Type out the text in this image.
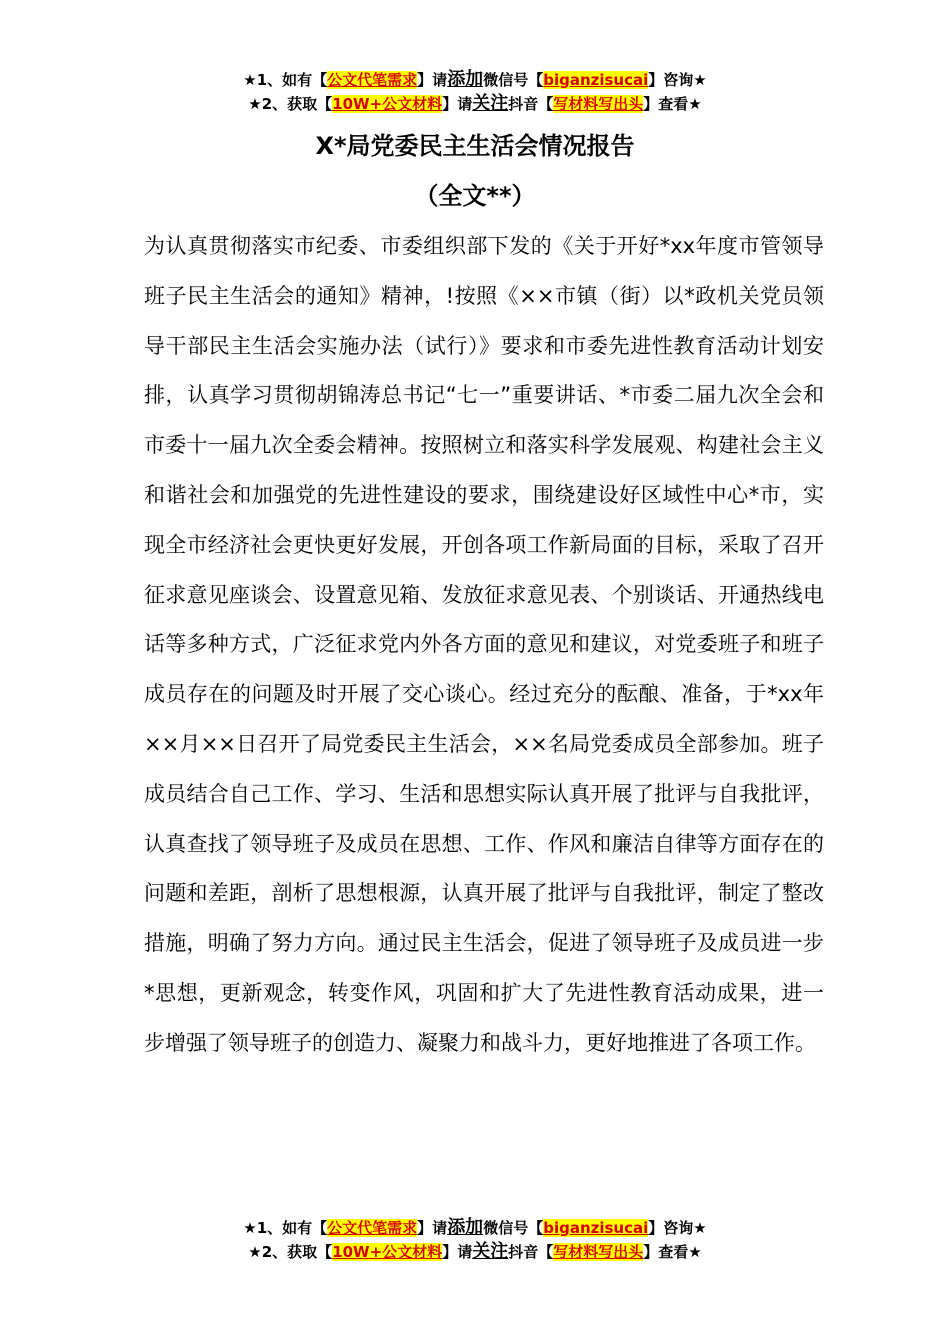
★1、如有【公文代笔需求】请添加微信号【biganzisucai】咨询★
★2、获取【10W+公文材料】请关注抖音【写材料写出头】查看★
X*局党委民主生活会情况报告
（全文**）
为认真贯彻落实市纪委、市委组织部下发的《关于开好*xx年度市管领导班子民主生活会的通知》精神，!按照《××市镇（街）以*政机关党员领导干部民主生活会实施办法（试行）》要求和市委先进性教育活动计划安排，认真学习贯彻胡锦涛总书记“七一”重要讲话、*市委二届九次全会和市委十一届九次全委会精神。按照树立和落实科学发展观、构建社会主义和谐社会和加强党的先进性建设的要求，围绕建设好区域性中心*市，实现全市经济社会更快更好发展，开创各项工作新局面的目标，采取了召开征求意见座谈会、设置意见箱、发放征求意见表、个别谈话、开通热线电话等多种方式，广泛征求党内外各方面的意见和建议，对党委班子和班子成员存在的问题及时开展了交心谈心。经过充分的酝酿、准备，于*xx年××月××日召开了局党委民主生活会，××名局党委成员全部参加。班子成员结合自己工作、学习、生活和思想实际认真开展了批评与自我批评，认真查找了领导班子及成员在思想、工作、作风和廉洁自律等方面存在的问题和差距，剖析了思想根源，认真开展了批评与自我批评，制定了整改措施，明确了努力方向。通过民主生活会，促进了领导班子及成员进一步*思想，更新观念，转变作风，巩固和扩大了先进性教育活动成果，进一步增强了领导班子的创造力、凝聚力和战斗力，更好地推进了各项工作。
★1、如有【公文代笔需求】请添加微信号【biganzisucai】咨询★
★2、获取【10W+公文材料】请关注抖音【写材料写出头】查看★
